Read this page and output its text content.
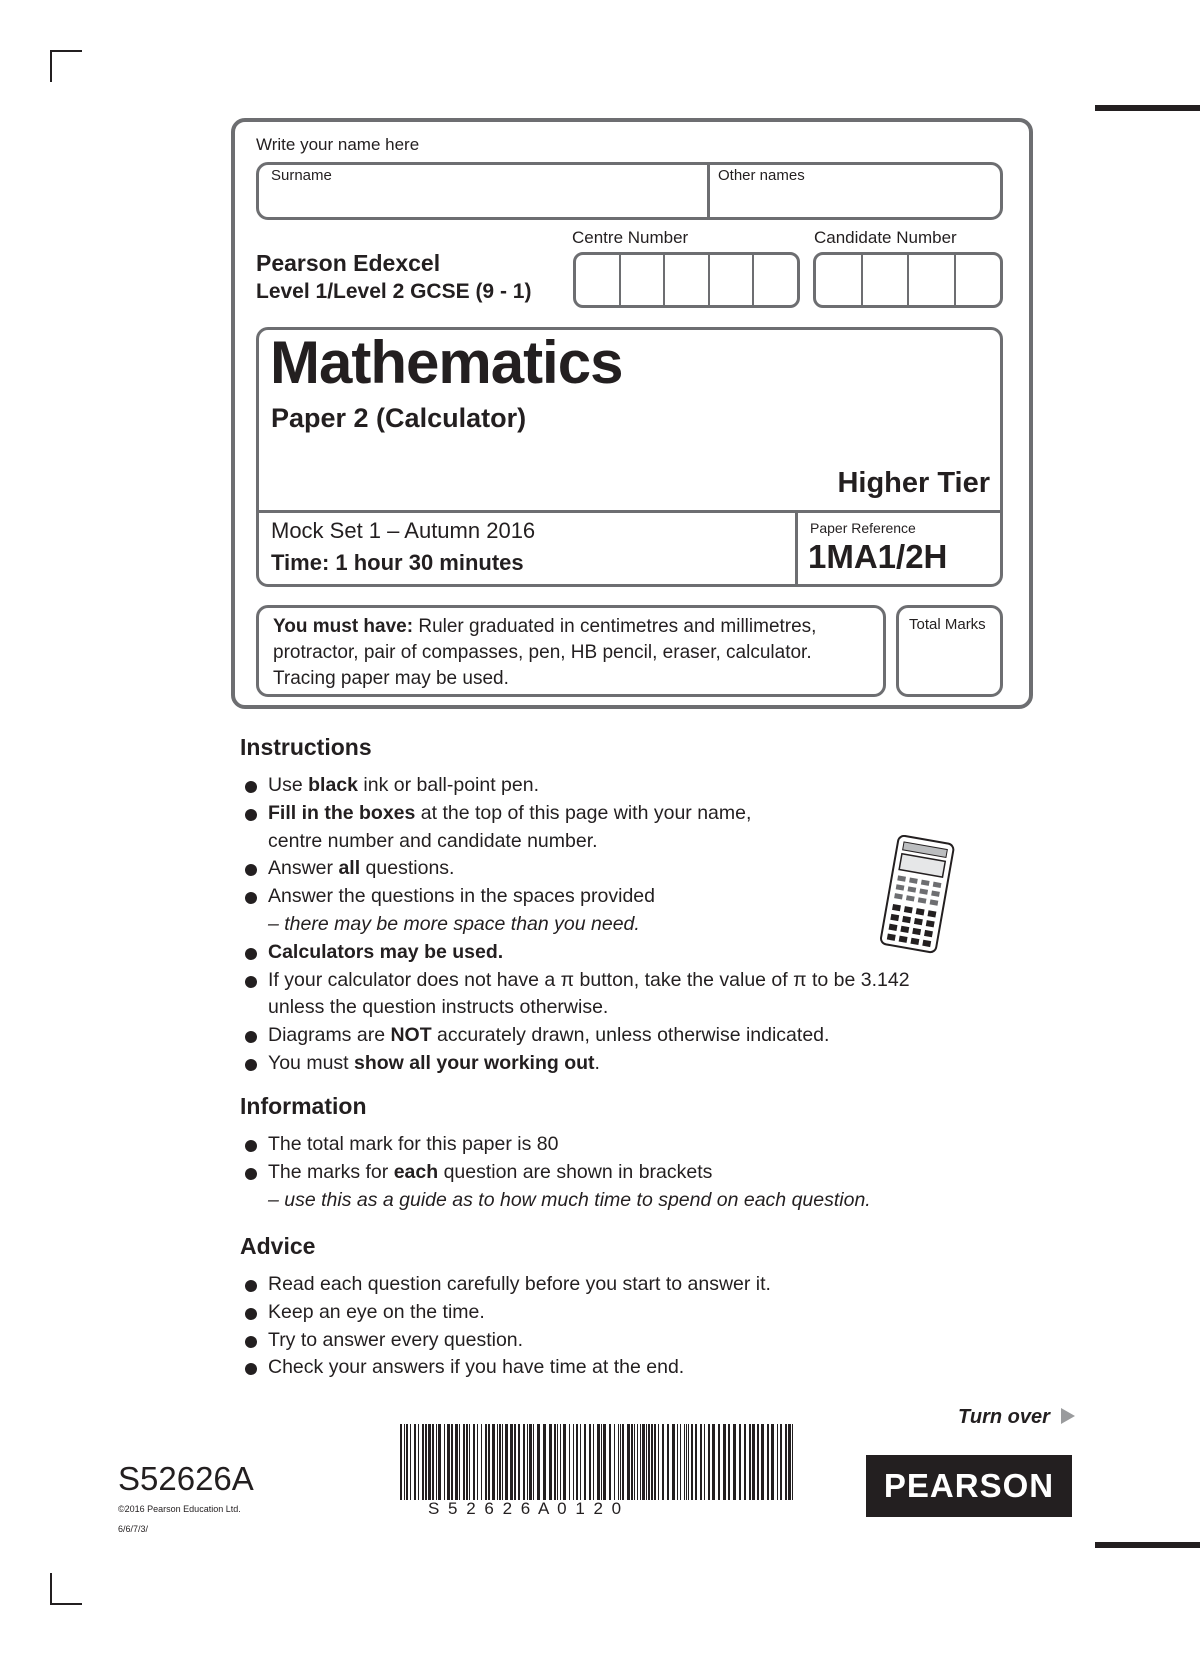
Write your name here
Surname	Other names
Centre Number	Candidate Number
Pearson Edexcel
Level 1/Level 2 GCSE (9 - 1)
Mathematics
Paper 2 (Calculator)
Higher Tier
Mock Set 1 – Autumn 2016
Time: 1 hour 30 minutes
Paper Reference
1MA1/2H
You must have: Ruler graduated in centimetres and millimetres, protractor, pair of compasses, pen, HB pencil, eraser, calculator. Tracing paper may be used.
Total Marks
Instructions
Use black ink or ball-point pen.
Fill in the boxes at the top of this page with your name,
centre number and candidate number.
Answer all questions.
Answer the questions in the spaces provided
– there may be more space than you need.
Calculators may be used.
If your calculator does not have a π button, take the value of π to be 3.142
unless the question instructs otherwise.
Diagrams are NOT accurately drawn, unless otherwise indicated.
You must show all your working out.
Information
The total mark for this paper is 80
The marks for each question are shown in brackets
– use this as a guide as to how much time to spend on each question.
Advice
Read each question carefully before you start to answer it.
Keep an eye on the time.
Try to answer every question.
Check your answers if you have time at the end.
Turn over
S52626A
©2016 Pearson Education Ltd.
6/6/7/3/
S 5 2 6 2 6 A 0 1 2 0
PEARSON
